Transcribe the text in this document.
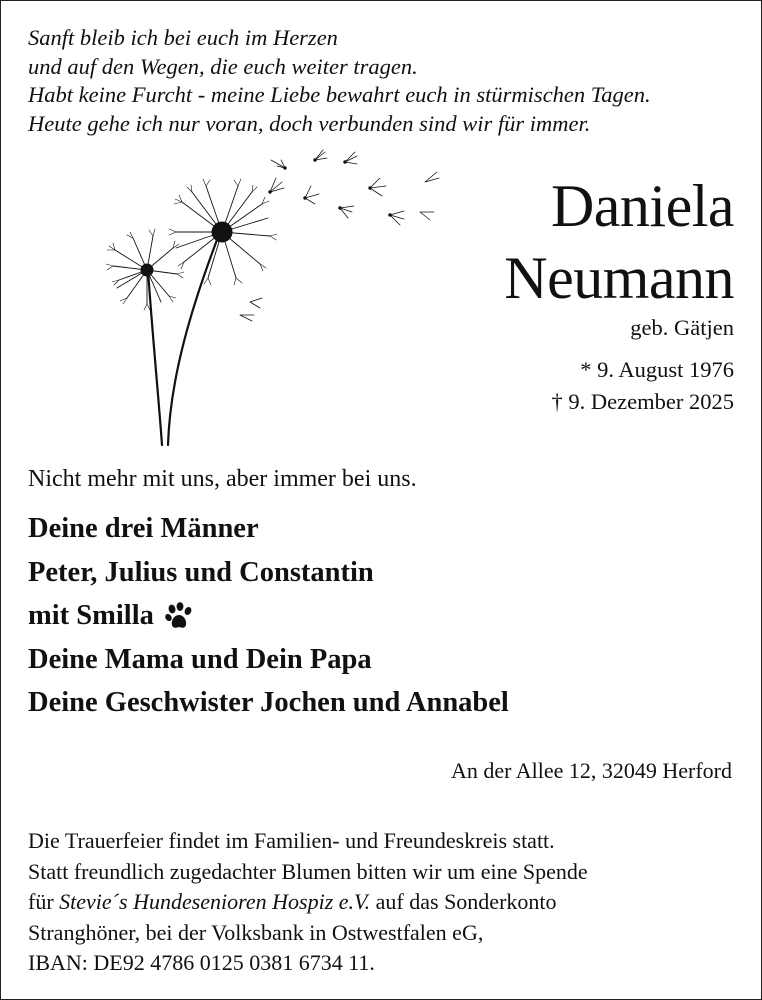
Sanft bleib ich bei euch im Herzen
und auf den Wegen, die euch weiter tragen.
Habt keine Furcht - meine Liebe bewahrt euch in stürmischen Tagen.
Heute gehe ich nur voran, doch verbunden sind wir für immer.
Daniela
Neumann
geb. Gätjen
* 9. August 1976
† 9. Dezember 2025
Nicht mehr mit uns, aber immer bei uns.
Deine drei Männer
Peter, Julius und Constantin
mit Smilla
Deine Mama und Dein Papa
Deine Geschwister Jochen und Annabel
An der Allee 12, 32049 Herford
Die Trauerfeier findet im Familien- und Freundeskreis statt.
Statt freundlich zugedachter Blumen bitten wir um eine Spende
für Stevie´s Hundesenioren Hospiz e.V. auf das Sonderkonto
Stranghöner, bei der Volksbank in Ostwestfalen eG,
IBAN: DE92 4786 0125 0381 6734 11.
